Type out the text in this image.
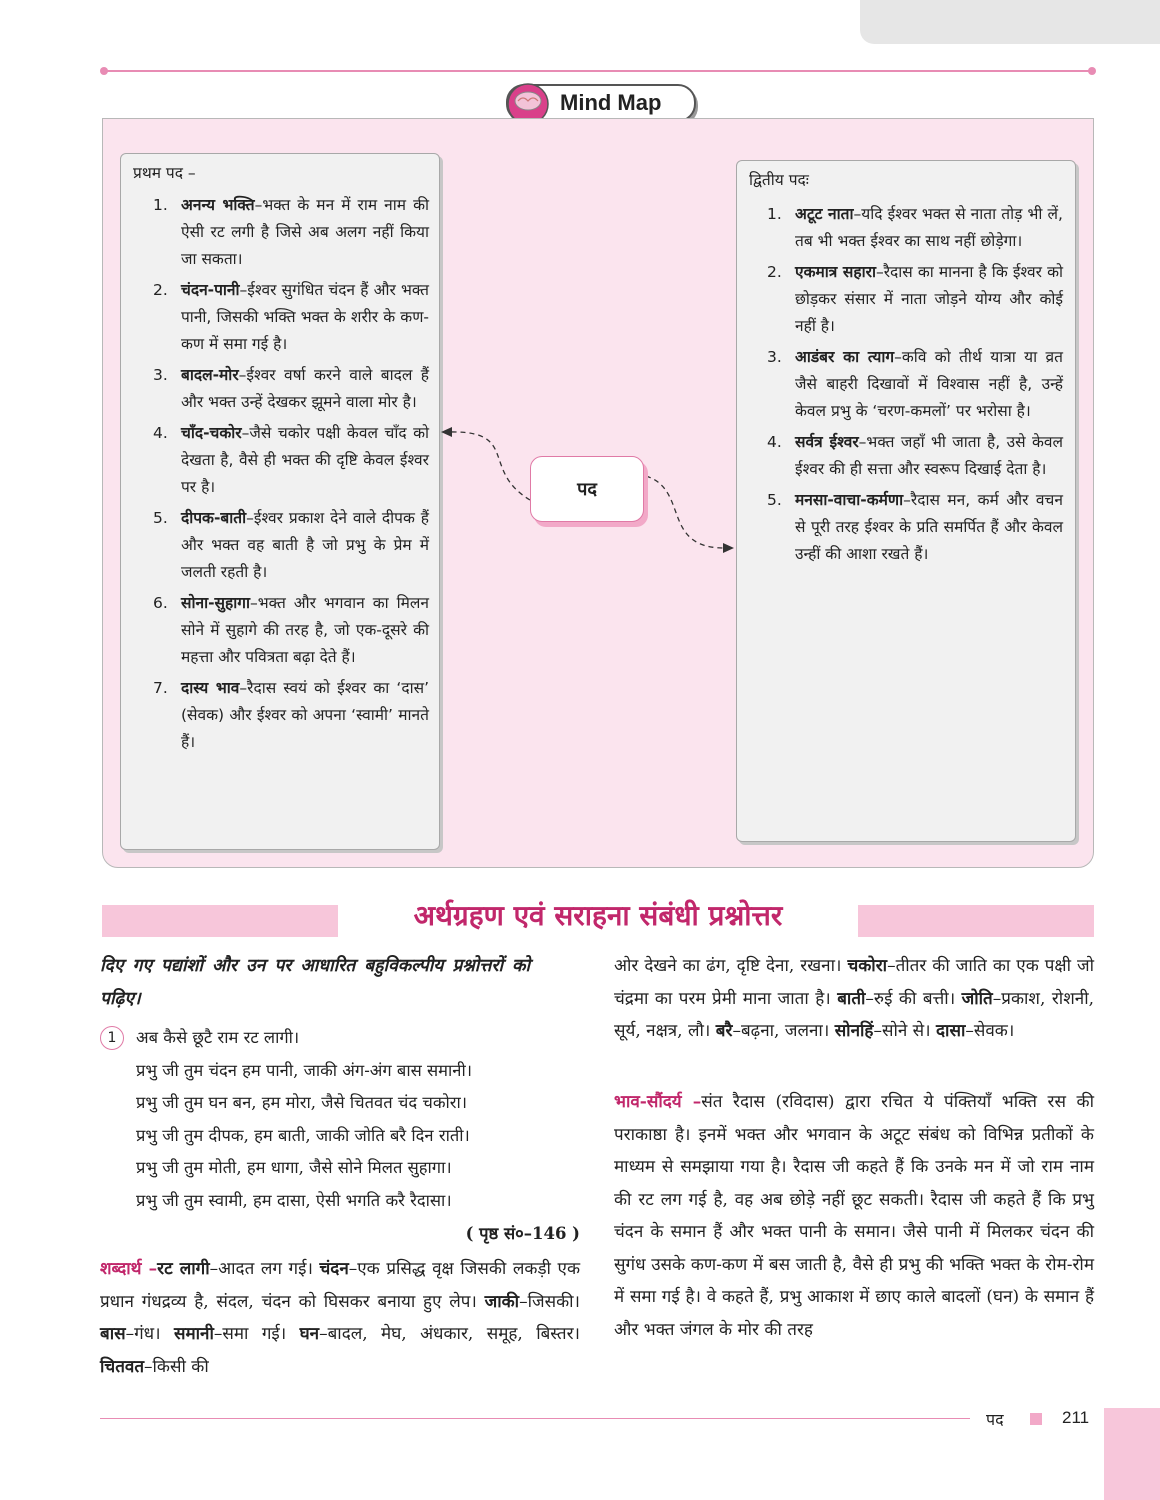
Mind Map
प्रथम पद –
1. अनन्य भक्ति–भक्त के मन में राम नाम की ऐसी रट लगी है जिसे अब अलग नहीं किया जा सकता।
2. चंदन-पानी–ईश्वर सुगंधित चंदन हैं और भक्त पानी, जिसकी भक्ति भक्त के शरीर के कण-कण में समा गई है।
3. बादल-मोर–ईश्वर वर्षा करने वाले बादल हैं और भक्त उन्हें देखकर झूमने वाला मोर है।
4. चाँद-चकोर–जैसे चकोर पक्षी केवल चाँद को देखता है, वैसे ही भक्त की दृष्टि केवल ईश्वर पर है।
5. दीपक-बाती–ईश्वर प्रकाश देने वाले दीपक हैं और भक्त वह बाती है जो प्रभु के प्रेम में जलती रहती है।
6. सोना-सुहागा–भक्त और भगवान का मिलन सोने में सुहागे की तरह है, जो एक-दूसरे की महत्ता और पवित्रता बढ़ा देते हैं।
7. दास्य भाव–रैदास स्वयं को ईश्वर का ‘दास’ (सेवक) और ईश्वर को अपना ‘स्वामी’ मानते हैं।
द्वितीय पदः
1. अटूट नाता–यदि ईश्वर भक्त से नाता तोड़ भी लें, तब भी भक्त ईश्वर का साथ नहीं छोड़ेगा।
2. एकमात्र सहारा–रैदास का मानना है कि ईश्वर को छोड़कर संसार में नाता जोड़ने योग्य और कोई नहीं है।
3. आडंबर का त्याग–कवि को तीर्थ यात्रा या व्रत जैसे बाहरी दिखावों में विश्वास नहीं है, उन्हें केवल प्रभु के ‘चरण-कमलों’ पर भरोसा है।
4. सर्वत्र ईश्वर–भक्त जहाँ भी जाता है, उसे केवल ईश्वर की ही सत्ता और स्वरूप दिखाई देता है।
5. मनसा-वाचा-कर्मणा–रैदास मन, कर्म और वचन से पूरी तरह ईश्वर के प्रति समर्पित हैं और केवल उन्हीं की आशा रखते हैं।
पद
अर्थग्रहण एवं सराहना संबंधी प्रश्नोत्तर
दिए गए पद्यांशों और उन पर आधारित बहुविकल्पीय प्रश्नोत्तरों को पढ़िए।
1	अब कैसे छूटै राम रट लागी।
प्रभु जी तुम चंदन हम पानी, जाकी अंग-अंग बास समानी।
प्रभु जी तुम घन बन, हम मोरा, जैसे चितवत चंद चकोरा।
प्रभु जी तुम दीपक, हम बाती, जाकी जोति बरै दिन राती।
प्रभु जी तुम मोती, हम धागा, जैसे सोने मिलत सुहागा।
प्रभु जी तुम स्वामी, हम दासा, ऐसी भगति करै रैदासा।
( पृष्ठ सं०–146 )
शब्दार्थ –रट लागी–आदत लग गई। चंदन–एक प्रसिद्ध वृक्ष जिसकी लकड़ी एक प्रधान गंधद्रव्य है, संदल, चंदन को घिसकर बनाया हुए लेप। जाकी–जिसकी। बास–गंध। समानी–समा गई। घन–बादल, मेघ, अंधकार, समूह, बिस्तर। चितवत–किसी की
ओर देखने का ढंग, दृष्टि देना, रखना। चकोरा–तीतर की जाति का एक पक्षी जो चंद्रमा का परम प्रेमी माना जाता है। बाती–रुई की बत्ती। जोति–प्रकाश, रोशनी, सूर्य, नक्षत्र, लौ। बरै–बढ़ना, जलना। सोनहिं–सोने से। दासा–सेवक।
भाव-सौंदर्य –संत रैदास (रविदास) द्वारा रचित ये पंक्तियाँ भक्ति रस की पराकाष्ठा है। इनमें भक्त और भगवान के अटूट संबंध को विभिन्न प्रतीकों के माध्यम से समझाया गया है। रैदास जी कहते हैं कि उनके मन में जो राम नाम की रट लग गई है, वह अब छोड़े नहीं छूट सकती। रैदास जी कहते हैं कि प्रभु चंदन के समान हैं और भक्त पानी के समान। जैसे पानी में मिलकर चंदन की सुगंध उसके कण-कण में बस जाती है, वैसे ही प्रभु की भक्ति भक्त के रोम-रोम में समा गई है। वे कहते हैं, प्रभु आकाश में छाए काले बादलों (घन) के समान हैं और भक्त जंगल के मोर की तरह
पद	211
